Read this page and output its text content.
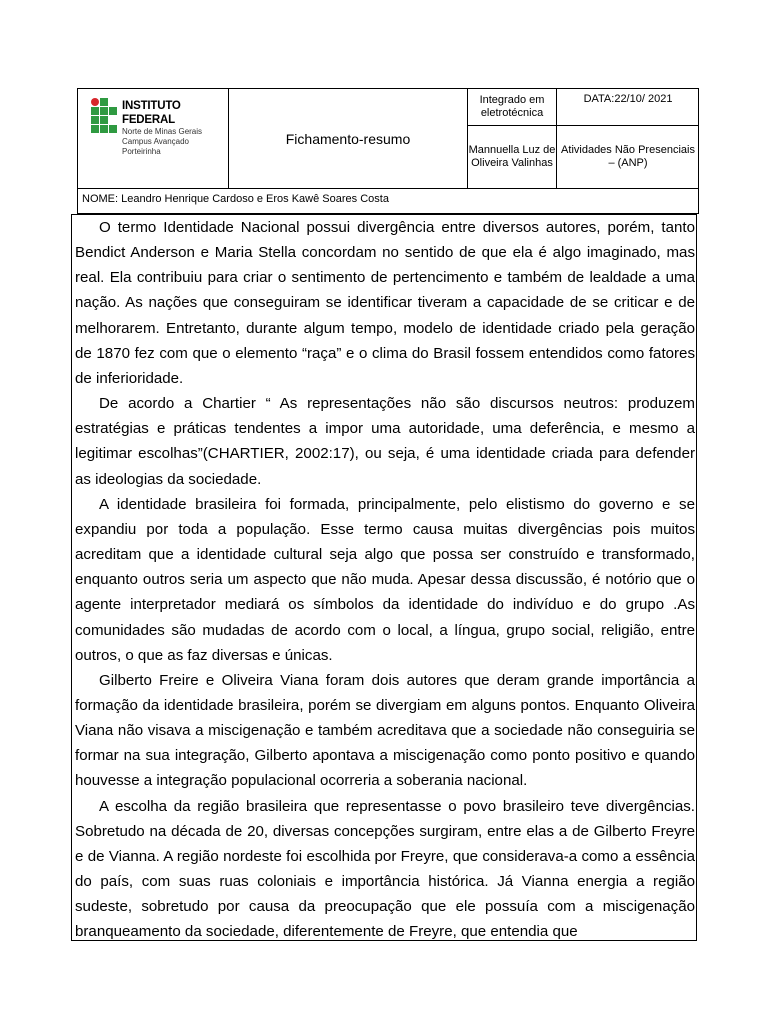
INSTITUTO FEDERAL
Norte de Minas Gerais
Campus Avançado Porteirinha
Fichamento-resumo
Integrado em eletrotécnica
DATA:22/10/ 2021
Mannuella Luz de Oliveira Valinhas
Atividades Não Presenciais – (ANP)
NOME: Leandro Henrique Cardoso e Eros Kawê Soares Costa

O termo Identidade Nacional possui divergência entre diversos autores, porém, tanto Bendict Anderson e Maria Stella concordam no sentido de que ela é algo imaginado, mas real. Ela contribuiu para criar o sentimento de pertencimento e também de lealdade a uma nação. As nações que conseguiram se identificar tiveram a capacidade de se criticar e de melhorarem. Entretanto, durante algum tempo, modelo de identidade criado pela geração de 1870 fez com que o elemento “raça” e o clima do Brasil fossem entendidos como fatores de inferioridade.

De acordo a Chartier “ As representações não são discursos neutros: produzem estratégias e práticas tendentes a impor uma autoridade, uma deferência, e mesmo a legitimar escolhas”(CHARTIER, 2002:17), ou seja, é uma identidade criada para defender as ideologias da sociedade.

A identidade brasileira foi formada, principalmente, pelo elistismo do governo e se expandiu por toda a população. Esse termo causa muitas divergências pois muitos acreditam que a identidade cultural seja algo que possa ser construído e transformado, enquanto outros seria um aspecto que não muda. Apesar dessa discussão, é notório que o agente interpretador mediará os símbolos da identidade do indivíduo e do grupo .As comunidades são mudadas de acordo com o local, a língua, grupo social, religião, entre outros, o que as faz diversas e únicas.

Gilberto Freire e Oliveira Viana foram dois autores que deram grande importância a formação da identidade brasileira, porém se divergiam em alguns pontos. Enquanto Oliveira Viana não visava a miscigenação e também acreditava que a sociedade não conseguiria se formar na sua integração, Gilberto apontava a miscigenação como ponto positivo e quando houvesse a integração populacional ocorreria a soberania nacional.

A escolha da região brasileira que representasse o povo brasileiro teve divergências. Sobretudo na década de 20, diversas concepções surgiram, entre elas a de Gilberto Freyre e de Vianna. A região nordeste foi escolhida por Freyre, que considerava-a como a essência do país, com suas ruas coloniais e importância histórica. Já Vianna energia a região sudeste, sobretudo por causa da preocupação que ele possuía com a miscigenação branqueamento da sociedade, diferentemente de Freyre, que entendia que
